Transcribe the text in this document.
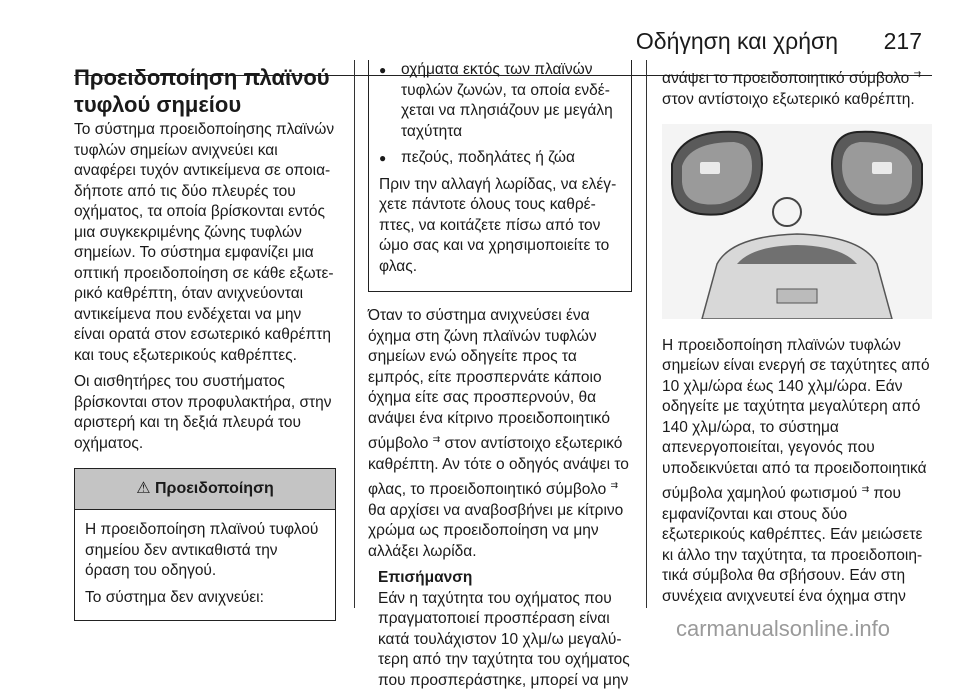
Οδήγηση και χρήση 217
Προειδοποίηση πλαϊνού τυφλού σημείου

Το σύστημα προειδοποίησης πλαϊνών τυφλών σημείων ανιχνεύει και αναφέρει τυχόν αντικείμενα σε οποιαδήποτε από τις δύο πλευρές του οχήματος, τα οποία βρίσκονται εντός μια συγκεκριμένης ζώνης τυφλών σημείων. Το σύστημα εμφανίζει μια οπτική προειδοποίηση σε κάθε εξωτερικό καθρέπτη, όταν ανιχνεύονται αντικείμενα που ενδέχεται να μην είναι ορατά στον εσωτερικό καθρέπτη και τους εξωτερικούς καθρέπτες.

Οι αισθητήρες του συστήματος βρίσκονται στον προφυλακτήρα, στην αριστερή και τη δεξιά πλευρά του οχήματος.

⚠ Προειδοποίηση

Η προειδοποίηση πλαϊνού τυφλού σημείου δεν αντικαθιστά την όραση του οδηγού.

Το σύστημα δεν ανιχνεύει:

● οχήματα εκτός των πλαϊνών τυφλών ζωνών, τα οποία ενδέχεται να πλησιάζουν με μεγάλη ταχύτητα
● πεζούς, ποδηλάτες ή ζώα

Πριν την αλλαγή λωρίδας, να ελέγχετε πάντοτε όλους τους καθρέπτες, να κοιτάζετε πίσω από τον ώμο σας και να χρησιμοποιείτε το φλας.

Όταν το σύστημα ανιχνεύσει ένα όχημα στη ζώνη πλαϊνών τυφλών σημείων ενώ οδηγείτε προς τα εμπρός, είτε προσπερνάτε κάποιο όχημα είτε σας προσπερνούν, θα ανάψει ένα κίτρινο προειδοποιητικό σύμβολο ⇉ στον αντίστοιχο εξωτερικό καθρέπτη. Αν τότε ο οδηγός ανάψει το φλας, το προειδοποιητικό σύμβολο ⇉ θα αρχίσει να αναβοσβήνει με κίτρινο χρώμα ως προειδοποίηση να μην αλλάξει λωρίδα.

Επισήμανση
Εάν η ταχύτητα του οχήματος που πραγματοποιεί προσπέραση είναι κατά τουλάχιστον 10 χλμ/ω μεγαλύτερη από την ταχύτητα του οχήματος που προσπεράστηκε, μπορεί να μην

ανάψει το προειδοποιητικό σύμβολο ⇉ στον αντίστοιχο εξωτερικό καθρέπτη.

Η προειδοποίηση πλαϊνών τυφλών σημείων είναι ενεργή σε ταχύτητες από 10 χλμ/ώρα έως 140 χλμ/ώρα. Εάν οδηγείτε με ταχύτητα μεγαλύτερη από 140 χλμ/ώρα, το σύστημα απενεργοποιείται, γεγονός που υποδεικνύεται από τα προειδοποιητικά σύμβολα χαμηλού φωτισμού ⇉ που εμφανίζονται και στους δύο εξωτερικούς καθρέπτες. Εάν μειώσετε κι άλλο την ταχύτητα, τα προειδοποιητικά σύμβολα θα σβήσουν. Εάν στη συνέχεια ανιχνευτεί ένα όχημα στην

carmanualsonline.info
